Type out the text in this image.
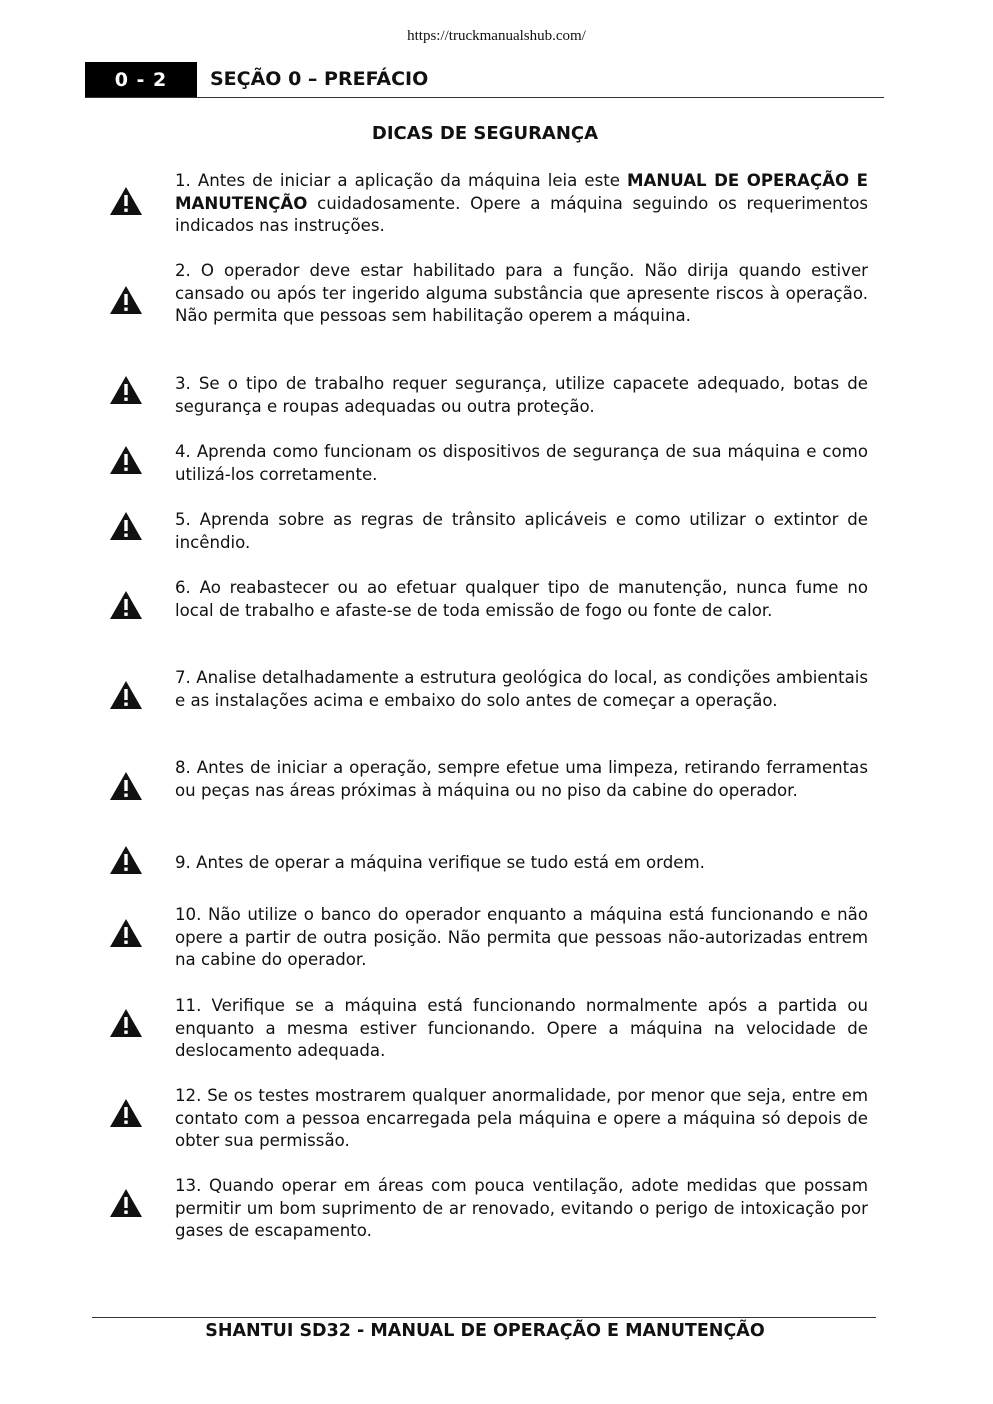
https://truckmanualshub.com/
0 - 2	SEÇÃO 0 – PREFÁCIO
DICAS DE SEGURANÇA
1. Antes de iniciar a aplicação da máquina leia este MANUAL DE OPERAÇÃO E MANUTENÇÃO cuidadosamente. Opere a máquina seguindo os requerimentos indicados nas instruções.
2. O operador deve estar habilitado para a função. Não dirija quando estiver cansado ou após ter ingerido alguma substância que apresente riscos à operação. Não permita que pessoas sem habilitação operem a máquina.
3. Se o tipo de trabalho requer segurança, utilize capacete adequado, botas de segurança e roupas adequadas ou outra proteção.
4. Aprenda como funcionam os dispositivos de segurança de sua máquina e como utilizá-los corretamente.
5. Aprenda sobre as regras de trânsito aplicáveis e como utilizar o extintor de incêndio.
6. Ao reabastecer ou ao efetuar qualquer tipo de manutenção, nunca fume no local de trabalho e afaste-se de toda emissão de fogo ou fonte de calor.
7. Analise detalhadamente a estrutura geológica do local, as condições ambientais e as instalações acima e embaixo do solo antes de começar a operação.
8. Antes de iniciar a operação, sempre efetue uma limpeza, retirando ferramentas ou peças nas áreas próximas à máquina ou no piso da cabine do operador.
9. Antes de operar a máquina verifique se tudo está em ordem.
10. Não utilize o banco do operador enquanto a máquina está funcionando e não opere a partir de outra posição. Não permita que pessoas não-autorizadas entrem na cabine do operador.
11. Verifique se a máquina está funcionando normalmente após a partida ou enquanto a mesma estiver funcionando. Opere a máquina na velocidade de deslocamento adequada.
12. Se os testes mostrarem qualquer anormalidade, por menor que seja, entre em contato com a pessoa encarregada pela máquina e opere a máquina só depois de obter sua permissão.
13. Quando operar em áreas com pouca ventilação, adote medidas que possam permitir um bom suprimento de ar renovado, evitando o perigo de intoxicação por gases de escapamento.
SHANTUI SD32 - MANUAL DE OPERAÇÃO E MANUTENÇÃO
